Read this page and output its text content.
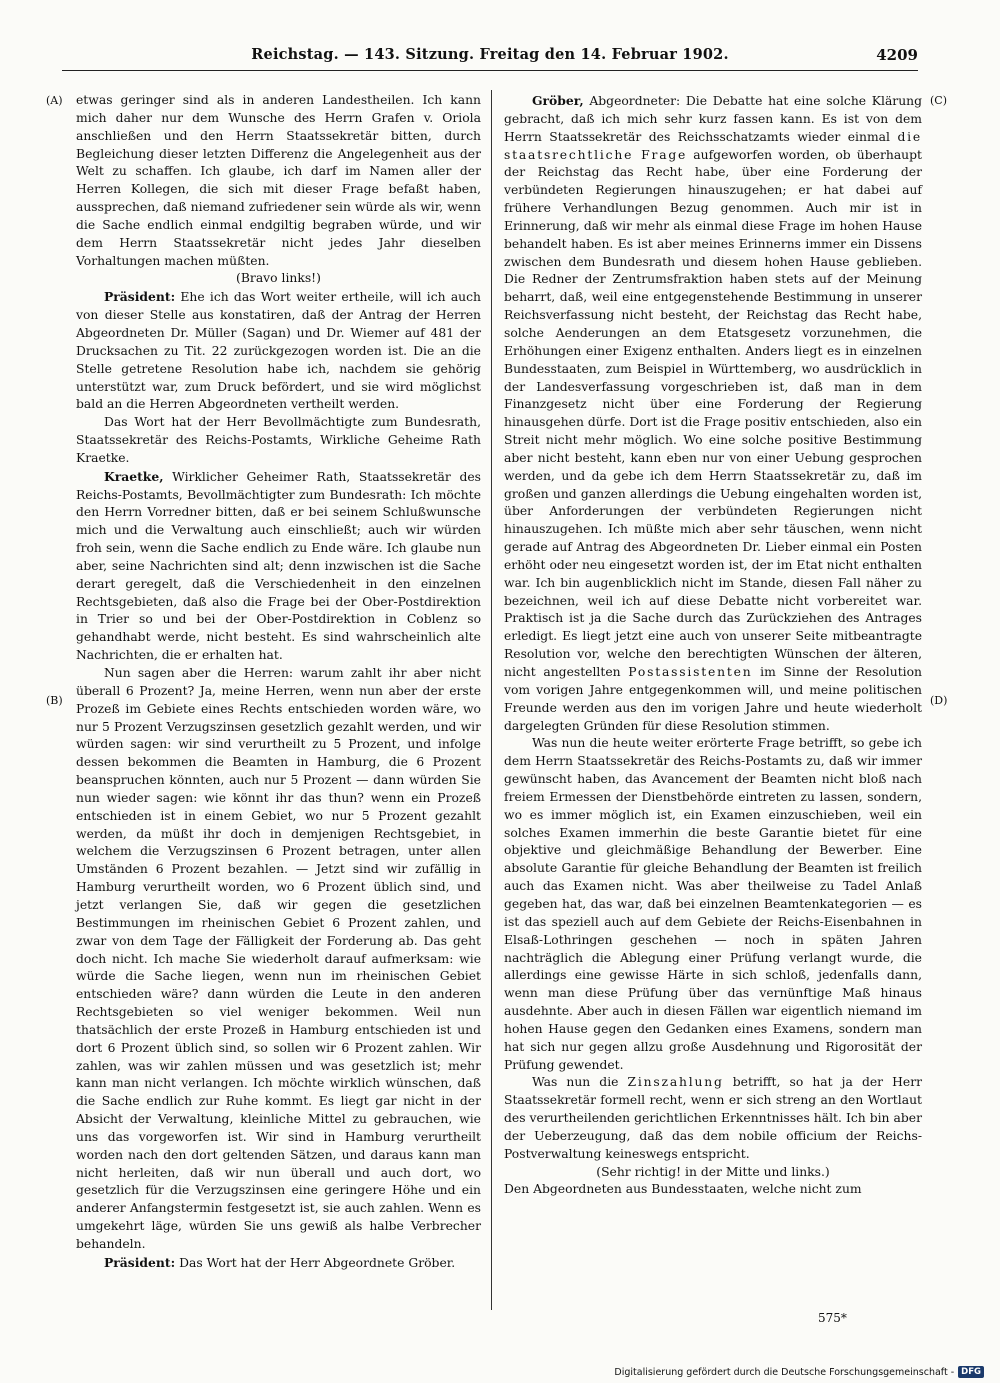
Reichstag. — 143. Sitzung. Freitag den 14. Februar 1902.	4209
(A)
(B)
(C)
(D)

etwas geringer sind als in anderen Landestheilen. Ich kann mich daher nur dem Wunsche des Herrn Grafen v. Oriola anschließen und den Herrn Staatssekretär bitten, durch Begleichung dieser letzten Differenz die Angelegenheit aus der Welt zu schaffen. Ich glaube, ich darf im Namen aller der Herren Kollegen, die sich mit dieser Frage befaßt haben, aussprechen, daß niemand zufriedener sein würde als wir, wenn die Sache endlich einmal endgiltig begraben würde, und wir dem Herrn Staatssekretär nicht jedes Jahr dieselben Vorhaltungen machen müßten.

(Bravo links!)

Präsident: Ehe ich das Wort weiter ertheile, will ich auch von dieser Stelle aus konstatiren, daß der Antrag der Herren Abgeordneten Dr. Müller (Sagan) und Dr. Wiemer auf 481 der Drucksachen zu Tit. 22 zurückgezogen worden ist. Die an die Stelle getretene Resolution habe ich, nachdem sie gehörig unterstützt war, zum Druck befördert, und sie wird möglichst bald an die Herren Abgeordneten vertheilt werden.

Das Wort hat der Herr Bevollmächtigte zum Bundesrath, Staatssekretär des Reichs-Postamts, Wirkliche Geheime Rath Kraetke.

Kraetke, Wirklicher Geheimer Rath, Staatssekretär des Reichs-Postamts, Bevollmächtigter zum Bundesrath: Ich möchte den Herrn Vorredner bitten, daß er bei seinem Schlußwunsche mich und die Verwaltung auch einschließt; auch wir würden froh sein, wenn die Sache endlich zu Ende wäre. Ich glaube nun aber, seine Nachrichten sind alt; denn inzwischen ist die Sache derart geregelt, daß die Verschiedenheit in den einzelnen Rechtsgebieten, daß also die Frage bei der Ober-Postdirektion in Trier so und bei der Ober-Postdirektion in Coblenz so gehandhabt werde, nicht besteht. Es sind wahrscheinlich alte Nachrichten, die er erhalten hat.

Nun sagen aber die Herren: warum zahlt ihr aber nicht überall 6 Prozent? Ja, meine Herren, wenn nun aber der erste Prozeß im Gebiete eines Rechts entschieden worden wäre, wo nur 5 Prozent Verzugszinsen gesetzlich gezahlt werden, und wir würden sagen: wir sind verurtheilt zu 5 Prozent, und infolge dessen bekommen die Beamten in Hamburg, die 6 Prozent beanspruchen könnten, auch nur 5 Prozent — dann würden Sie nun wieder sagen: wie könnt ihr das thun? wenn ein Prozeß entschieden ist in einem Gebiet, wo nur 5 Prozent gezahlt werden, da müßt ihr doch in demjenigen Rechtsgebiet, in welchem die Verzugszinsen 6 Prozent betragen, unter allen Umständen 6 Prozent bezahlen. — Jetzt sind wir zufällig in Hamburg verurtheilt worden, wo 6 Prozent üblich sind, und jetzt verlangen Sie, daß wir gegen die gesetzlichen Bestimmungen im rheinischen Gebiet 6 Prozent zahlen, und zwar von dem Tage der Fälligkeit der Forderung ab. Das geht doch nicht. Ich mache Sie wiederholt darauf aufmerksam: wie würde die Sache liegen, wenn nun im rheinischen Gebiet entschieden wäre? dann würden die Leute in den anderen Rechtsgebieten so viel weniger bekommen. Weil nun thatsächlich der erste Prozeß in Hamburg entschieden ist und dort 6 Prozent üblich sind, so sollen wir 6 Prozent zahlen. Wir zahlen, was wir zahlen müssen und was gesetzlich ist; mehr kann man nicht verlangen. Ich möchte wirklich wünschen, daß die Sache endlich zur Ruhe kommt. Es liegt gar nicht in der Absicht der Verwaltung, kleinliche Mittel zu gebrauchen, wie uns das vorgeworfen ist. Wir sind in Hamburg verurtheilt worden nach den dort geltenden Sätzen, und daraus kann man nicht herleiten, daß wir nun überall und auch dort, wo gesetzlich für die Verzugszinsen eine geringere Höhe und ein anderer Anfangstermin festgesetzt ist, sie auch zahlen. Wenn es umgekehrt läge, würden Sie uns gewiß als halbe Verbrecher behandeln.

Präsident: Das Wort hat der Herr Abgeordnete Gröber.

Gröber, Abgeordneter: Die Debatte hat eine solche Klärung gebracht, daß ich mich sehr kurz fassen kann. Es ist von dem Herrn Staatssekretär des Reichsschatzamts wieder einmal die staatsrechtliche Frage aufgeworfen worden, ob überhaupt der Reichstag das Recht habe, über eine Forderung der verbündeten Regierungen hinauszugehen; er hat dabei auf frühere Verhandlungen Bezug genommen. Auch mir ist in Erinnerung, daß wir mehr als einmal diese Frage im hohen Hause behandelt haben. Es ist aber meines Erinnerns immer ein Dissens zwischen dem Bundesrath und diesem hohen Hause geblieben. Die Redner der Zentrumsfraktion haben stets auf der Meinung beharrt, daß, weil eine entgegenstehende Bestimmung in unserer Reichsverfassung nicht besteht, der Reichstag das Recht habe, solche Aenderungen an dem Etatsgesetz vorzunehmen, die Erhöhungen einer Exigenz enthalten. Anders liegt es in einzelnen Bundesstaaten, zum Beispiel in Württemberg, wo ausdrücklich in der Landesverfassung vorgeschrieben ist, daß man in dem Finanzgesetz nicht über eine Forderung der Regierung hinausgehen dürfe. Dort ist die Frage positiv entschieden, also ein Streit nicht mehr möglich. Wo eine solche positive Bestimmung aber nicht besteht, kann eben nur von einer Uebung gesprochen werden, und da gebe ich dem Herrn Staatssekretär zu, daß im großen und ganzen allerdings die Uebung eingehalten worden ist, über Anforderungen der verbündeten Regierungen nicht hinauszugehen. Ich müßte mich aber sehr täuschen, wenn nicht gerade auf Antrag des Abgeordneten Dr. Lieber einmal ein Posten erhöht oder neu eingesetzt worden ist, der im Etat nicht enthalten war. Ich bin augenblicklich nicht im Stande, diesen Fall näher zu bezeichnen, weil ich auf diese Debatte nicht vorbereitet war. Praktisch ist ja die Sache durch das Zurückziehen des Antrages erledigt. Es liegt jetzt eine auch von unserer Seite mitbeantragte Resolution vor, welche den berechtigten Wünschen der älteren, nicht angestellten Postassistenten im Sinne der Resolution vom vorigen Jahre entgegenkommen will, und meine politischen Freunde werden aus den im vorigen Jahre und heute wiederholt dargelegten Gründen für diese Resolution stimmen.

Was nun die heute weiter erörterte Frage betrifft, so gebe ich dem Herrn Staatssekretär des Reichs-Postamts zu, daß wir immer gewünscht haben, das Avancement der Beamten nicht bloß nach freiem Ermessen der Dienstbehörde eintreten zu lassen, sondern, wo es immer möglich ist, ein Examen einzuschieben, weil ein solches Examen immerhin die beste Garantie bietet für eine objektive und gleichmäßige Behandlung der Bewerber. Eine absolute Garantie für gleiche Behandlung der Beamten ist freilich auch das Examen nicht. Was aber theilweise zu Tadel Anlaß gegeben hat, das war, daß bei einzelnen Beamtenkategorien — es ist das speziell auch auf dem Gebiete der Reichs-Eisenbahnen in Elsaß-Lothringen geschehen — noch in späten Jahren nachträglich die Ablegung einer Prüfung verlangt wurde, die allerdings eine gewisse Härte in sich schloß, jedenfalls dann, wenn man diese Prüfung über das vernünftige Maß hinaus ausdehnte. Aber auch in diesen Fällen war eigentlich niemand im hohen Hause gegen den Gedanken eines Examens, sondern man hat sich nur gegen allzu große Ausdehnung und Rigorosität der Prüfung gewendet.

Was nun die Zinszahlung betrifft, so hat ja der Herr Staatssekretär formell recht, wenn er sich streng an den Wortlaut des verurtheilenden gerichtlichen Erkenntnisses hält. Ich bin aber der Ueberzeugung, daß das dem nobile officium der Reichs-Postverwaltung keineswegs entspricht.

(Sehr richtig! in der Mitte und links.)

Den Abgeordneten aus Bundesstaaten, welche nicht zum

575*
Digitalisierung gefördert durch die Deutsche Forschungsgemeinschaft - DFG
